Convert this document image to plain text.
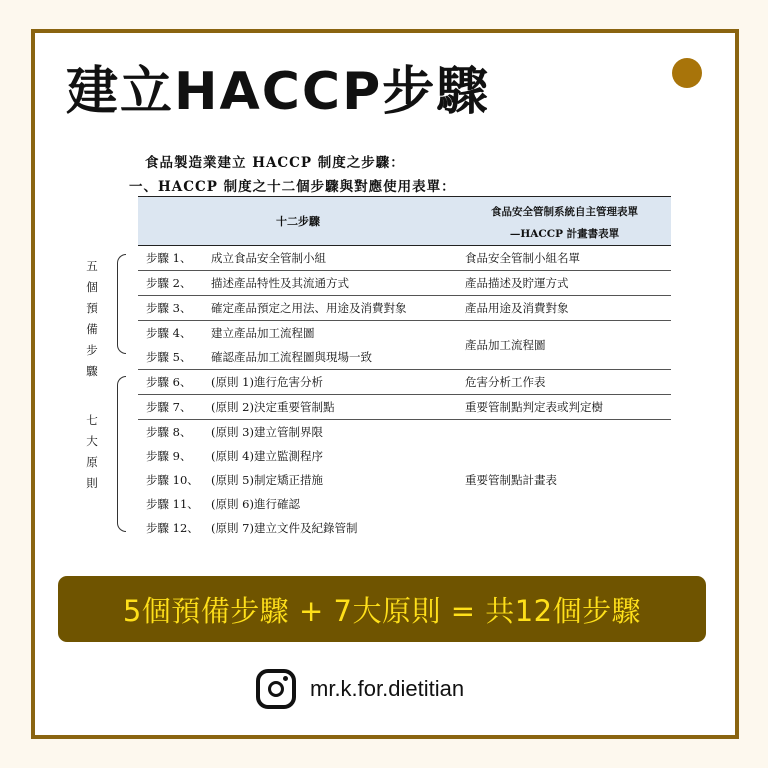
建立HACCP步驟
食品製造業建立 HACCP 制度之步驟：
一、HACCP 制度之十二個步驟與對應使用表單：
五個預備步驟
七大原則
十二步驟
食品安全管制系統自主管理表單
—HACCP 計畫書表單
步驟 1、 成立食品安全管制小組	食品安全管制小組名單
步驟 2、 描述產品特性及其流通方式	產品描述及貯運方式
步驟 3、 確定產品預定之用法、用途及消費對象	產品用途及消費對象
步驟 4、 建立產品加工流程圖
步驟 5、 確認產品加工流程圖與現場一致
產品加工流程圖
步驟 6、 (原則 1)進行危害分析	危害分析工作表
步驟 7、 (原則 2)決定重要管制點	重要管制點判定表或判定樹
步驟 8、 (原則 3)建立管制界限
步驟 9、 (原則 4)建立監測程序
步驟 10、 (原則 5)制定矯正措施
步驟 11、 (原則 6)進行確認
步驟 12、 (原則 7)建立文件及紀錄管制
重要管制點計畫表
5個預備步驟 + 7大原則 = 共12個步驟
mr.k.for.dietitian
